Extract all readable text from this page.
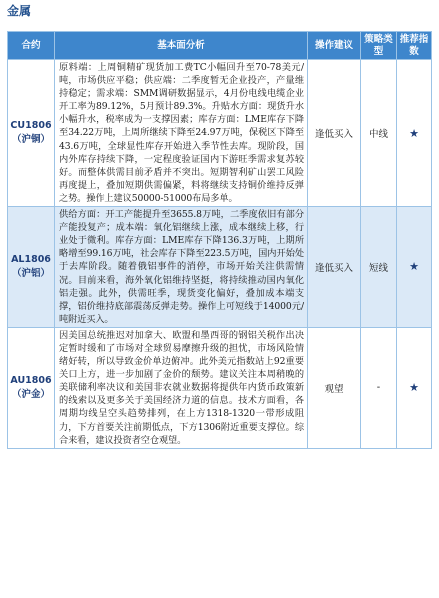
金属
合约	基本面分析	操作建议	策略类型	推荐指数

CU1806
（沪铜）	原料端：上周铜精矿现货加工费TC小幅回升至70-78美元/吨，市场供应平稳；供应端：二季度暂无企业投产，产量维持稳定；需求端：SMM调研数据显示，4月份电线电缆企业开工率为89.12%，5月预计89.3%。升贴水方面：现货升水小幅升水，税率成为一支撑因素；库存方面：LME库存下降至34.22万吨，上周所继续下降至24.97万吨，保税区下降至43.6万吨，全球显性库存开始进入季节性去库。现阶段，国内外库存持续下降，一定程度验证国内下游旺季需求复苏较好。而整体供需目前矛盾并不突出。短期智利矿山罢工风险再度提上，叠加短期供需偏紧，料将继续支持铜价维持反弹之势。操作上建议50000-51000布局多单。	逢低买入	中线	★

AL1806
（沪铝）	供给方面：开工产能提升至3655.8万吨，二季度依旧有部分产能投复产；成本端：氧化铝继续上涨，成本继续上移，行业处于微利。库存方面：LME库存下降136.3万吨，上期所略增至99.16万吨，社会库存下降至223.5万吨，国内开始处于去库阶段。随着俄铝事件的消停，市场开始关注供需情况。目前来看，海外氧化铝维持坚挺，将持续推动国内氧化铝走强。此外，供需旺季，现货变化偏好，叠加成本端支撑，铝价维持底部震荡反弹走势。操作上可短线于14000元/吨附近买入。	逢低买入	短线	★

AU1806
（沪金）	因美国总统推迟对加拿大、欧盟和墨西哥的钢铝关税作出决定暂时缓和了市场对全球贸易摩擦升级的担忧，市场风险情绪好转，所以导致金价单边俯冲。此外美元指数站上92重要关口上方，进一步加剧了金价的颓势。建议关注本周稍晚的美联储利率决议和美国非农就业数据将提供年内货币政策新的线索以及更多关于美国经济力道的信息。技术方面看，各周期均线呈空头趋势排列，在上方1318-1320一带形成阻力，下方首要关注前期低点，下方1306附近重要支撑位。综合来看，建议投资者空仓观望。	观望	-	★
